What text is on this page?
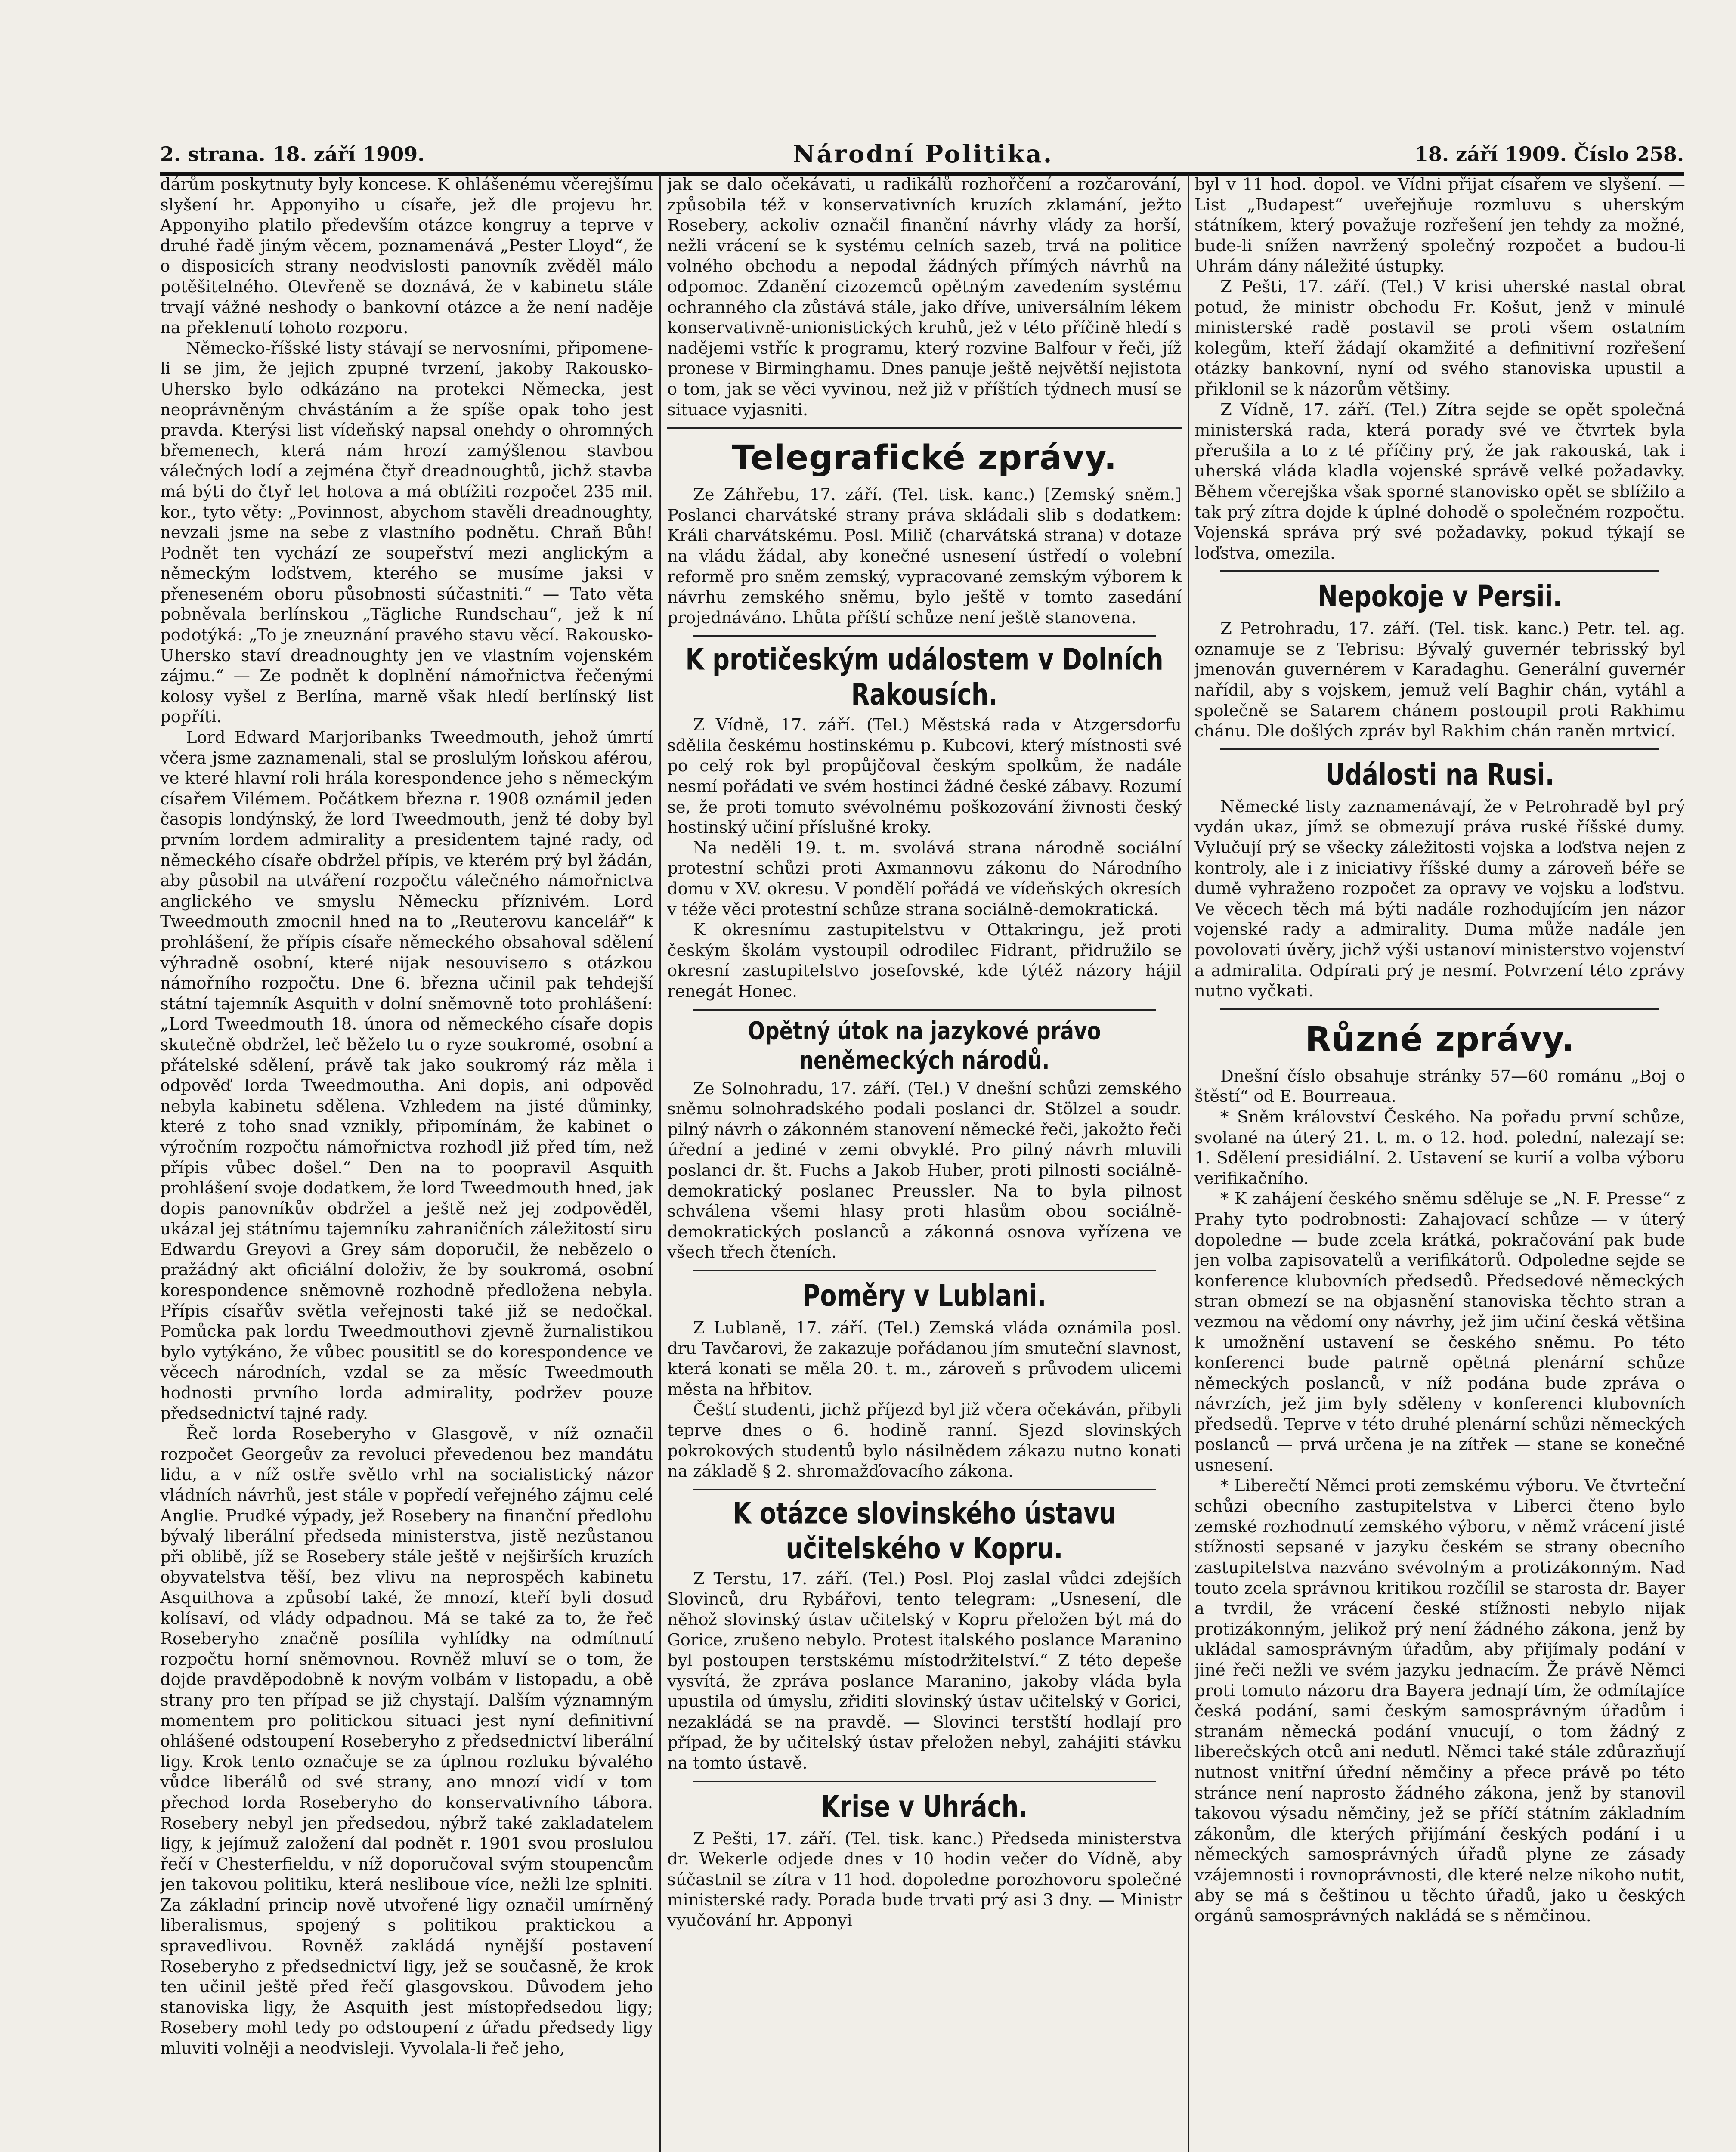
2. strana. 18. září 1909.	Národní Politika.	18. září 1909. Číslo 258.

dárům poskytnuty byly koncese. K ohlášenému včerejšímu slyšení hr. Apponyiho u císaře, jež dle projevu hr. Apponyiho platilo především otázce kongruy a teprve v druhé řadě jiným věcem, poznamenává „Pester Lloyd“, že o disposicích strany neodvislosti panovník zvěděl málo potěšitelného. Otevřeně se doznává, že v kabinetu stále trvají vážné neshody o bankovní otázce a že není naděje na překlenutí tohoto rozporu.

Německo-říšské listy stávají se nervosními, připomene-li se jim, že jejich zpupné tvrzení, jakoby Rakousko-Uhersko bylo odkázáno na protekci Německa, jest neoprávněným chvástáním a že spíše opak toho jest pravda. Kterýsi list vídeňský napsal onehdy o ohromných břemenech, která nám hrozí zamýšlenou stavbou válečných lodí a zejména čtyř dreadnoughtů, jichž stavba má býti do čtyř let hotova a má obtížiti rozpočet 235 mil. kor., tyto věty: „Povinnost, abychom stavěli dreadnoughty, nevzali jsme na sebe z vlastního podnětu. Chraň Bůh! Podnět ten vychází ze soupeřství mezi anglickým a německým loďstvem, kterého se musíme jaksi v přeneseném oboru působnosti súčastniti.“ — Tato věta pobněvala berlínskou „Tägliche Rundschau“, jež k ní podotýká: „To je zneuznání pravého stavu věcí. Rakousko-Uhersko staví dreadnoughty jen ve vlastním vojenském zájmu.“ — Ze podnět k doplnění námořnictva řečenými kolosy vyšel z Berlína, marně však hledí berlínský list popříti.

Lord Edward Marjoribanks Tweedmouth, jehož úmrtí včera jsme zaznamenali, stal se proslulým loňskou aférou, ve které hlavní roli hrála korespondence jeho s německým císařem Vilémem. Počátkem března r. 1908 oznámil jeden časopis londýnský, že lord Tweedmouth, jenž té doby byl prvním lordem admirality a presidentem tajné rady, od německého císaře obdržel přípis, ve kterém prý byl žádán, aby působil na utváření rozpočtu válečného námořnictva anglického ve smyslu Německu příznivém. Lord Tweedmouth zmocnil hned na to „Reuterovu kancelář“ k prohlášení, že přípis císaře německého obsahoval sdělení výhradně osobní, které nijak nesouvisело s otázkou námořního rozpočtu. Dne 6. března učinil pak tehdejší státní tajemník Asquith v dolní sněmovně toto prohlášení: „Lord Tweedmouth 18. února od německého císaře dopis skutečně obdržel, leč běželo tu o ryze soukromé, osobní a přátelské sdělení, právě tak jako soukromý ráz měla i odpověď lorda Tweedmoutha. Ani dopis, ani odpověď nebyla kabinetu sdělena. Vzhledem na jisté důminky, které z toho snad vznikly, připomínám, že kabinet o výročním rozpočtu námořnictva rozhodl již před tím, než přípis vůbec došel.“ Den na to poopravil Asquith prohlášení svoje dodatkem, že lord Tweedmouth hned, jak dopis panovníkův obdržel a ještě než jej zodpověděl, ukázal jej státnímu tajemníku zahraničních záležitostí siru Edwardu Greyovi a Grey sám doporučil, že nebězelo o pražádný akt oficiální doloživ, že by soukromá, osobní korespondence sněmovně rozhodně předložena nebyla. Přípis císařův světla veřejnosti také již se nedočkal. Pomůcka pak lordu Tweedmouthovi zjevně žurnalistikou bylo vytýkáno, že vůbec pousititl se do korespondence ve věcech národních, vzdal se za měsíc Tweedmouth hodnosti prvního lorda admirality, podržev pouze předsednictví tajné rady.

Řeč lorda Roseberyho v Glasgově, v níž označil rozpočet Georgeův za revoluci převedenou bez mandátu lidu, a v níž ostře světlo vrhl na socialistický názor vládních návrhů, jest stále v popředí veřejného zájmu celé Anglie. Prudké výpady, jež Rosebery na finanční předlohu bývalý liberální předseda ministerstva, jistě nezůstanou při oblibě, jíž se Rosebery stále ještě v nejširších kruzích obyvatelstva těší, bez vlivu na neprospěch kabinetu Asquithova a způsobí také, že mnozí, kteří byli dosud kolísaví, od vlády odpadnou. Má se také za to, že řeč Roseberyho značně posílila vyhlídky na odmítnutí rozpočtu horní sněmovnou. Rovněž mluví se o tom, že dojde pravděpodobně k novým volbám v listopadu, a obě strany pro ten případ se již chystají. Dalším významným momentem pro politickou situaci jest nyní definitivní ohlášené odstoupení Roseberyho z předsednictví liberální ligy. Krok tento označuje se za úplnou rozluku bývalého vůdce liberálů od své strany, ano mnozí vidí v tom přechod lorda Roseberyho do konservativního tábora. Rosebery nebyl jen předsedou, nýbrž také zakladatelem ligy, k jejímuž založení dal podnět r. 1901 svou proslulou řečí v Chesterfieldu, v níž doporučoval svým stoupencům jen takovou politiku, která nesliboue více, nežli lze splniti. Za základní princip nově utvořené ligy označil umírněný liberalismus, spojený s politikou praktickou a spravedlivou. Rovněž zakládá nynější postavení Roseberyho z předsednictví ligy, jež se současně, že krok ten učinil ještě před řečí glasgovskou. Důvodem jeho stanoviska ligy, že Asquith jest místopředsedou ligy; Rosebery mohl tedy po odstoupení z úřadu předsedy ligy mluviti volněji a neodvisleji. Vyvolala-li řeč jeho,

jak se dalo očekávati, u radikálů rozhořčení a rozčarování, způsobila též v konservativních kruzích zklamání, ježto Rosebery, ackoliv označil finanční návrhy vlády za horší, nežli vrácení se k systému celních sazeb, trvá na politice volného obchodu a nepodal žádných přímých návrhů na odpomoc. Zdanění cizozemců opětným zavedením systému ochranného cla zůstává stále, jako dříve, universálním lékem konservativně-unionistických kruhů, jež v této příčině hledí s nadějemi vstříc k programu, který rozvine Balfour v řeči, jíž pronese v Birminghamu. Dnes panuje ještě největší nejistota o tom, jak se věci vyvinou, než již v příštích týdnech musí se situace vyjasniti.

Telegrafické zprávy.

Ze Záhřebu, 17. září. (Tel. tisk. kanc.) [Zemský sněm.] Poslanci charvátské strany práva skládali slib s dodatkem: Králi charvátskému. Posl. Milič (charvátská strana) v dotaze na vládu žádal, aby konečné usnesení ústředí o volební reformě pro sněm zemský, vypracované zemským výborem k návrhu zemského sněmu, bylo ještě v tomto zasedání projednáváno. Lhůta příští schůze není ještě stanovena.

K protičeským událostem v Dolních Rakousích.

Z Vídně, 17. září. (Tel.) Městská rada v Atzgersdorfu sdělila českému hostinskému p. Kubcovi, který místnosti své po celý rok byl propůjčoval českým spolkům, že nadále nesmí pořádati ve svém hostinci žádné české zábavy. Rozumí se, že proti tomuto svévolnému poškozování živnosti český hostinský učiní příslušné kroky.

Na neděli 19. t. m. svolává strana národně sociální protestní schůzi proti Axmannovu zákonu do Národního domu v XV. okresu. V pondělí pořádá ve vídeňských okresích v téže věci protestní schůze strana sociálně-demokratická.

K okresnímu zastupitelstvu v Ottakringu, jež proti českým školám vystoupil odrodilec Fidrant, přidružilo se okresní zastupitelstvo josefovské, kde týtéž názory hájil renegát Honec.

Opětný útok na jazykové právo neněmeckých národů.

Ze Solnohradu, 17. září. (Tel.) V dnešní schůzi zemského sněmu solnohradského podali poslanci dr. Stölzel a soudr. pilný návrh o zákonném stanovení německé řeči, jakožto řeči úřední a jediné v zemi obvyklé. Pro pilný návrh mluvili poslanci dr. št. Fuchs a Jakob Huber, proti pilnosti sociálně-demokratický poslanec Preussler. Na to byla pilnost schválena všemi hlasy proti hlasům obou sociálně-demokratických poslanců a zákonná osnova vyřízena ve všech třech čteních.

Poměry v Lublani.

Z Lublaně, 17. září. (Tel.) Zemská vláda oznámila posl. dru Tavčarovi, že zakazuje pořádanou jím smuteční slavnost, která konati se měla 20. t. m., zároveň s průvodem ulicemi města na hřbitov.

Čeští studenti, jichž příjezd byl již včera očekáván, přibyli teprve dnes o 6. hodině ranní. Sjezd slovinských pokrokových studentů bylo násilnědem zákazu nutno konati na základě § 2. shromažďovacího zákona.

K otázce slovinského ústavu učitelského v Kopru.

Z Terstu, 17. září. (Tel.) Posl. Ploj zaslal vůdci zdejších Slovinců, dru Rybářovi, tento telegram: „Usnesení, dle něhož slovinský ústav učitelský v Kopru přeložen být má do Gorice, zrušeno nebylo. Protest italského poslance Maranino byl postoupen terstskému místodržitelství.“ Z této depeše vysvítá, že zpráva poslance Maranino, jakoby vláda byla upustila od úmyslu, zřiditi slovinský ústav učitelský v Gorici, nezakládá se na pravdě. — Slovinci terstští hodlají pro případ, že by učitelský ústav přeložen nebyl, zahájiti stávku na tomto ústavě.

Krise v Uhrách.

Z Pešti, 17. září. (Tel. tisk. kanc.) Předseda ministerstva dr. Wekerle odjede dnes v 10 hodin večer do Vídně, aby súčastnil se zítra v 11 hod. dopoledne porozhovoru společné ministerské rady. Porada bude trvati prý asi 3 dny. — Ministr vyučování hr. Apponyi

byl v 11 hod. dopol. ve Vídni přijat císařem ve slyšení. — List „Budapest“ uveřejňuje rozmluvu s uherským státníkem, který považuje rozřešení jen tehdy za možné, bude-li snížen navržený společný rozpočet a budou-li Uhrám dány náležité ústupky.

Z Pešti, 17. září. (Tel.) V krisi uherské nastal obrat potud, že ministr obchodu Fr. Košut, jenž v minulé ministerské radě postavil se proti všem ostatním kolegům, kteří žádají okamžité a definitivní rozřešení otázky bankovní, nyní od svého stanoviska upustil a přiklonil se k názorům většiny.

Z Vídně, 17. září. (Tel.) Zítra sejde se opět společná ministerská rada, která porady své ve čtvrtek byla přerušila a to z té příčiny prý, že jak rakouská, tak i uherská vláda kladla vojenské správě velké požadavky. Během včerejška však sporné stanovisko opět se sblížilo a tak prý zítra dojde k úplné dohodě o společném rozpočtu. Vojenská správa prý své požadavky, pokud týkají se loďstva, omezila.

Nepokoje v Persii.

Z Petrohradu, 17. září. (Tel. tisk. kanc.) Petr. tel. ag. oznamuje se z Tebrisu: Bývalý guvernér tebrisský byl jmenován guvernérem v Karadaghu. Generální guvernér nařídil, aby s vojskem, jemuž velí Baghir chán, vytáhl a společně se Satarem chánem postoupil proti Rakhimu chánu. Dle došlých zpráv byl Rakhim chán raněn mrtvicí.

Události na Rusi.

Německé listy zaznamenávají, že v Petrohradě byl prý vydán ukaz, jímž se obmezují práva ruské říšské dumy. Vylučují prý se všecky záležitosti vojska a loďstva nejen z kontroly, ale i z iniciativy říšské dumy a zároveň béře se dumě vyhraženo rozpočet za opravy ve vojsku a loďstvu. Ve věcech těch má býti nadále rozhodujícím jen názor vojenské rady a admirality. Duma může nadále jen povolovati úvěry, jichž výši ustanoví ministerstvo vojenství a admiralita. Odpírati prý je nesmí. Potvrzení této zprávy nutno vyčkati.

Různé zprávy.

Dnešní číslo obsahuje stránky 57—60 románu „Boj o štěstí“ od E. Bourreaua.

* Sněm království Českého. Na pořadu první schůze, svolané na úterý 21. t. m. o 12. hod. polední, nalezají se: 1. Sdělení presidiální. 2. Ustavení se kurií a volba výboru verifikačního.

* K zahájení českého sněmu sděluje se „N. F. Presse“ z Prahy tyto podrobnosti: Zahajovací schůze — v úterý dopoledne — bude zcela krátká, pokračování pak bude jen volba zapisovatelů a verifikátorů. Odpoledne sejde se konference klubovních předsedů. Předsedové německých stran obmezí se na objasnění stanoviska těchto stran a vezmou na vědomí ony návrhy, jež jim učiní česká většina k umožnění ustavení se českého sněmu. Po této konferenci bude patrně opětná plenární schůze německých poslanců, v níž podána bude zpráva o návrzích, jež jim byly sděleny v konferenci klubovních předsedů. Teprve v této druhé plenární schůzi německých poslanců — prvá určena je na zítřek — stane se konečné usnesení.

* Liberečtí Němci proti zemskému výboru. Ve čtvrteční schůzi obecního zastupitelstva v Liberci čteno bylo zemské rozhodnutí zemského výboru, v němž vrácení jisté stížnosti sepsané v jazyku českém se strany obecního zastupitelstva nazváno svévolným a protizákonným. Nad touto zcela správnou kritikou rozčílil se starosta dr. Bayer a tvrdil, že vrácení české stížnosti nebylo nijak protizákonným, jelikož prý není žádného zákona, jenž by ukládal samosprávným úřadům, aby přijímaly podání v jiné řeči nežli ve svém jazyku jednacím. Že právě Němci proti tomuto názoru dra Bayera jednají tím, že odmítajíce česká podání, sami českým samosprávným úřadům i stranám německá podání vnucují, o tom žádný z liberečských otců ani nedutl. Němci také stále zdůrazňují nutnost vnitřní úřední němčiny a přece právě po této stránce není naprosto žádného zákona, jenž by stanovil takovou výsadu němčiny, jež se příčí státním základním zákonům, dle kterých přijímání českých podání i u německých samosprávných úřadů plyne ze zásady vzájemnosti i rovnoprávnosti, dle které nelze nikoho nutit, aby se má s češtinou u těchto úřadů, jako u českých orgánů samosprávných nakládá se s němčinou.
